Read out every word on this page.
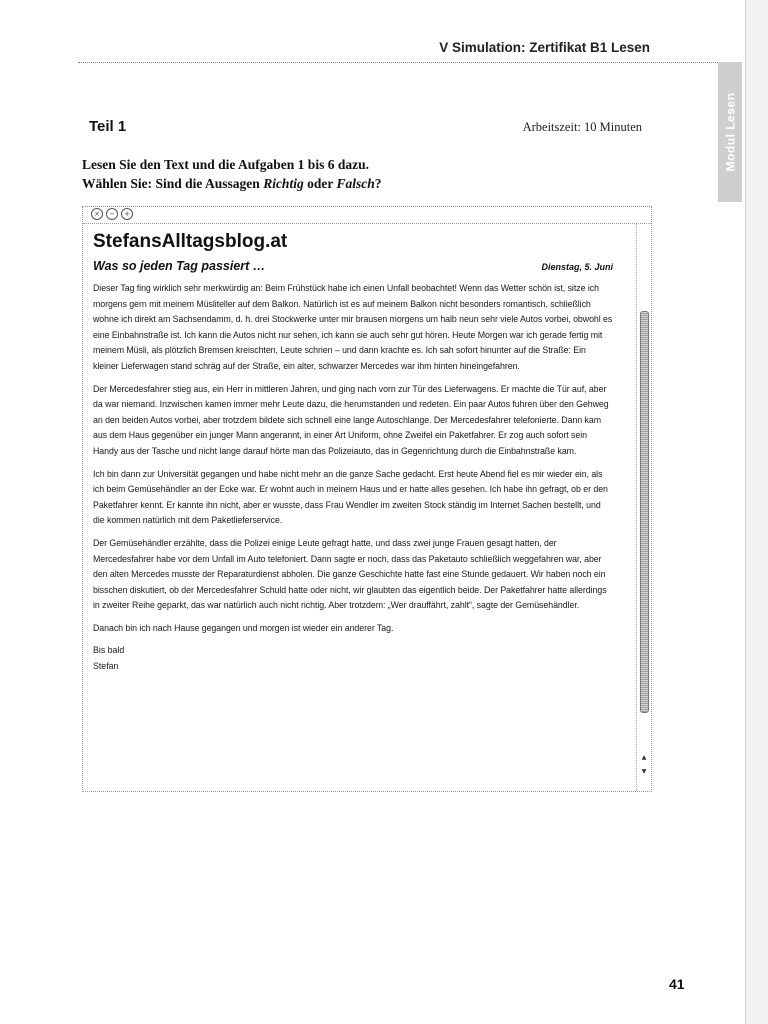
Modul Lesen
V Simulation: Zertifikat B1 Lesen
Teil 1	Arbeitszeit: 10 Minuten
Lesen Sie den Text und die Aufgaben 1 bis 6 dazu.
Wählen Sie: Sind die Aussagen Richtig oder Falsch?
×	−	+
StefansAlltagsblog.at
Was so jeden Tag passiert …	Dienstag, 5. Juni

Dieser Tag fing wirklich sehr merkwürdig an: Beim Frühstück habe ich einen Unfall beobachtet! Wenn das Wetter schön ist, sitze ich morgens gern mit meinem Müsliteller auf dem Balkon. Natürlich ist es auf meinem Balkon nicht besonders romantisch, schließlich wohne ich direkt am Sachsendamm, d. h. drei Stockwerke unter mir brausen morgens um halb neun sehr viele Autos vorbei, obwohl es eine Einbahnstraße ist. Ich kann die Autos nicht nur sehen, ich kann sie auch sehr gut hören. Heute Morgen war ich gerade fertig mit meinem Müsli, als plötzlich Bremsen kreischten, Leute schrien – und dann krachte es. Ich sah sofort hinunter auf die Straße: Ein kleiner Lieferwagen stand schräg auf der Straße, ein alter, schwarzer Mercedes war ihm hinten hineingefahren.

Der Mercedesfahrer stieg aus, ein Herr in mittleren Jahren, und ging nach vorn zur Tür des Lieferwagens. Er machte die Tür auf, aber da war niemand. Inzwischen kamen immer mehr Leute dazu, die herumstanden und redeten. Ein paar Autos fuhren über den Gehweg an den beiden Autos vorbei, aber trotzdem bildete sich schnell eine lange Autoschlange. Der Mercedesfahrer telefonierte. Dann kam aus dem Haus gegenüber ein junger Mann angerannt, in einer Art Uniform, ohne Zweifel ein Paketfahrer. Er zog auch sofort sein Handy aus der Tasche und nicht lange darauf hörte man das Polizeiauto, das in Gegenrichtung durch die Einbahnstraße kam.

Ich bin dann zur Universität gegangen und habe nicht mehr an die ganze Sache gedacht. Erst heute Abend fiel es mir wieder ein, als ich beim Gemüsehändler an der Ecke war. Er wohnt auch in meinem Haus und er hatte alles gesehen. Ich habe ihn gefragt, ob er den Paketfahrer kennt. Er kannte ihn nicht, aber er wusste, dass Frau Wendler im zweiten Stock ständig im Internet Sachen bestellt, und die kommen natürlich mit dem Paketlieferservice.

Der Gemüsehändler erzählte, dass die Polizei einige Leute gefragt hatte, und dass zwei junge Frauen gesagt hatten, der Mercedesfahrer habe vor dem Unfall im Auto telefoniert. Dann sagte er noch, dass das Paketauto schließlich weggefahren war, aber den alten Mercedes musste der Reparaturdienst abholen. Die ganze Geschichte hatte fast eine Stunde gedauert. Wir haben noch ein bisschen diskutiert, ob der Mercedesfahrer Schuld hatte oder nicht, wir glaubten das eigentlich beide. Der Paketfahrer hatte allerdings in zweiter Reihe geparkt, das war natürlich auch nicht richtig. Aber trotzdem: „Wer drauffährt, zahlt“, sagte der Gemüsehändler.

Danach bin ich nach Hause gegangen und morgen ist wieder ein anderer Tag.

Bis bald
Stefan
▲
▼
41
